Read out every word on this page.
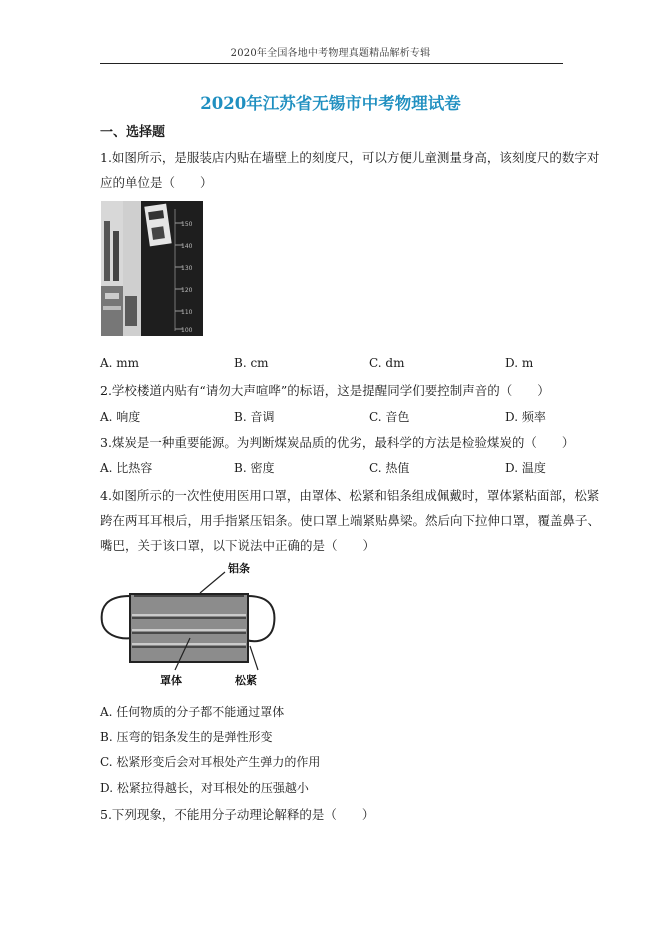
2020年全国各地中考物理真题精品解析专辑
2020年江苏省无锡市中考物理试卷
一、选择题
1.如图所示，是服装店内贴在墙壁上的刻度尺，可以方便儿童测量身高，该刻度尺的数字对
应的单位是（　　）
150
140
130
120
110
100
A. mm	B. cm	C. dm	D. m
2.学校楼道内贴有“请勿大声喧哗”的标语，这是提醒同学们要控制声音的（　　）
A. 响度	B. 音调	C. 音色	D. 频率
3.煤炭是一种重要能源。为判断煤炭品质的优劣，最科学的方法是检验煤炭的（　　）
A. 比热容	B. 密度	C. 热值	D. 温度
4.如图所示的一次性使用医用口罩，由罩体、松紧和铝条组成佩戴时，罩体紧粘面部，松紧
跨在两耳耳根后，用手指紧压铝条。使口罩上端紧贴鼻梁。然后向下拉伸口罩，覆盖鼻子、
嘴巴，关于该口罩，以下说法中正确的是（　　）
铝条
罩体	松紧
A. 任何物质的分子都不能通过罩体
B. 压弯的铝条发生的是弹性形变
C. 松紧形变后会对耳根处产生弹力的作用
D. 松紧拉得越长，对耳根处的压强越小
5.下列现象，不能用分子动理论解释的是（　　）
